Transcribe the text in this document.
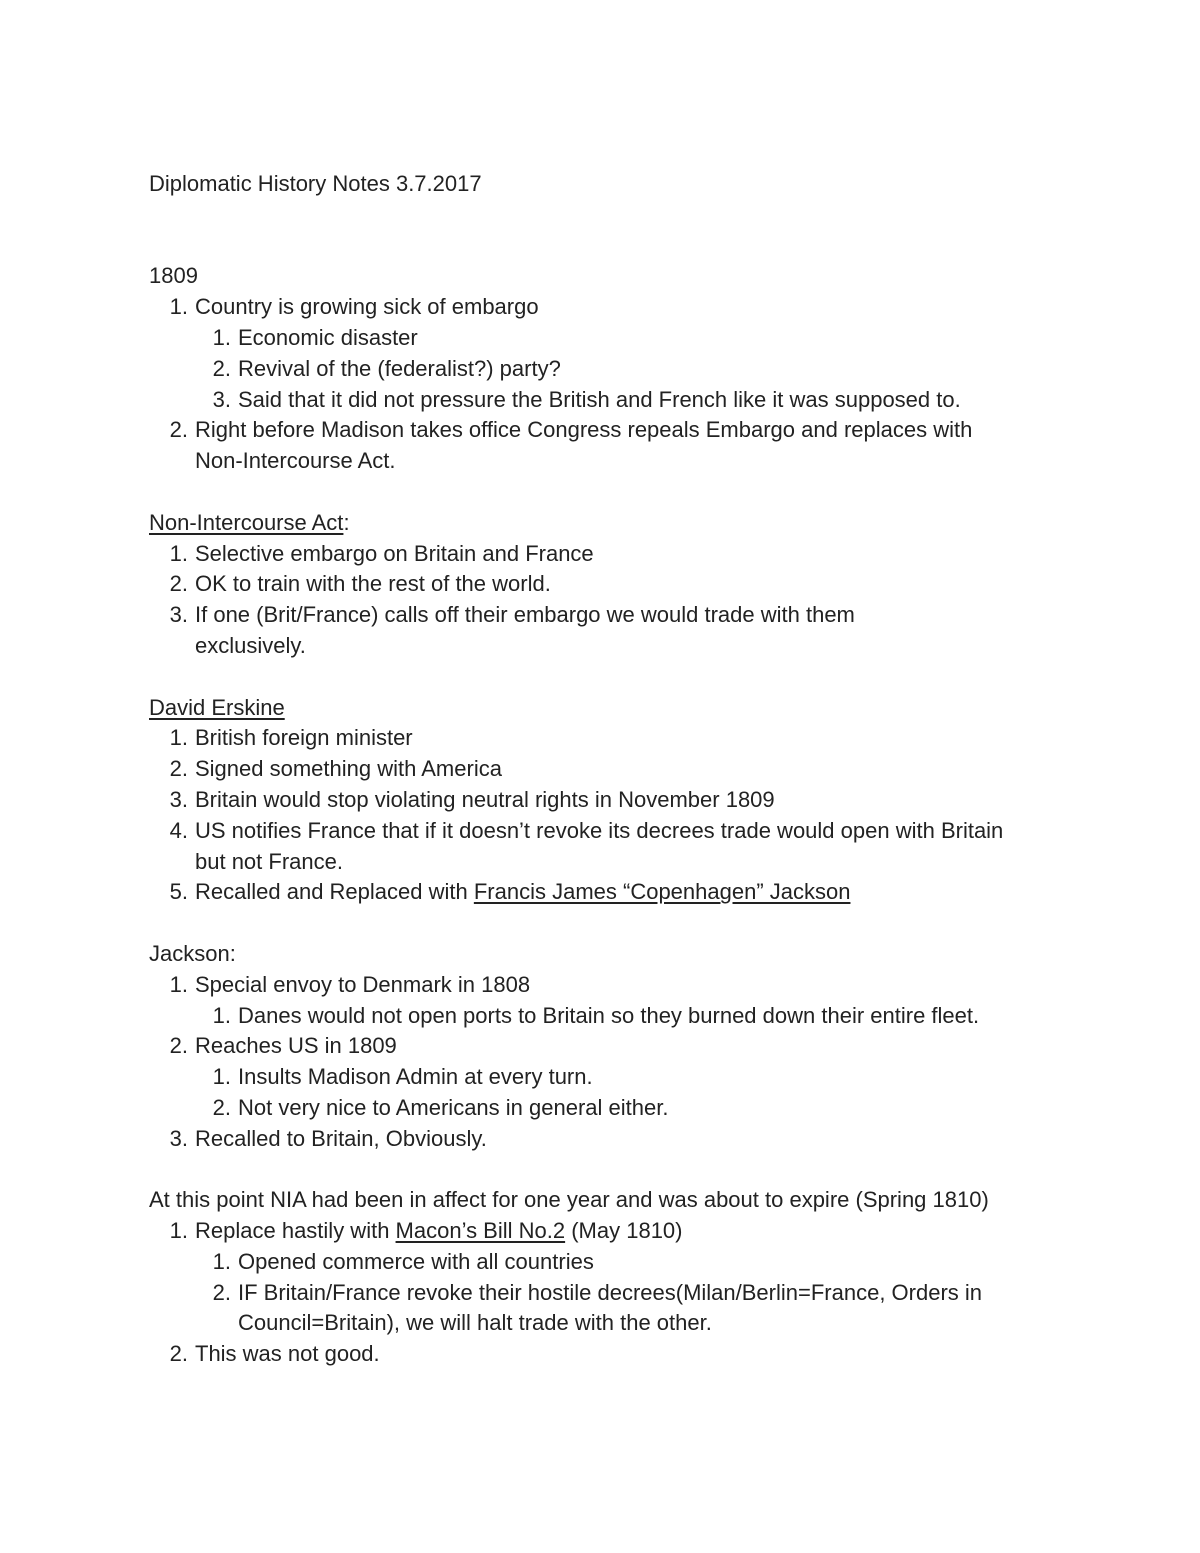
Diplomatic History Notes 3.7.2017
1809
1. Country is growing sick of embargo
1. Economic disaster
2. Revival of the (federalist?) party?
3. Said that it did not pressure the British and French like it was supposed to.
2. Right before Madison takes office Congress repeals Embargo and replaces with Non-Intercourse Act.
Non-Intercourse Act:
1. Selective embargo on Britain and France
2. OK to train with the rest of the world.
3. If one (Brit/France) calls off their embargo we would trade with them exclusively.
David Erskine
1. British foreign minister
2. Signed something with America
3. Britain would stop violating neutral rights in November 1809
4. US notifies France that if it doesn’t revoke its decrees trade would open with Britain but not France.
5. Recalled and Replaced with Francis James “Copenhagen” Jackson
Jackson:
1. Special envoy to Denmark in 1808
1. Danes would not open ports to Britain so they burned down their entire fleet.
2. Reaches US in 1809
1. Insults Madison Admin at every turn.
2. Not very nice to Americans in general either.
3. Recalled to Britain, Obviously.
At this point NIA had been in affect for one year and was about to expire (Spring 1810)
1. Replace hastily with Macon’s Bill No.2 (May 1810)
1. Opened commerce with all countries
2. IF Britain/France revoke their hostile decrees(Milan/Berlin=France, Orders in Council=Britain), we will halt trade with the other.
2. This was not good.
